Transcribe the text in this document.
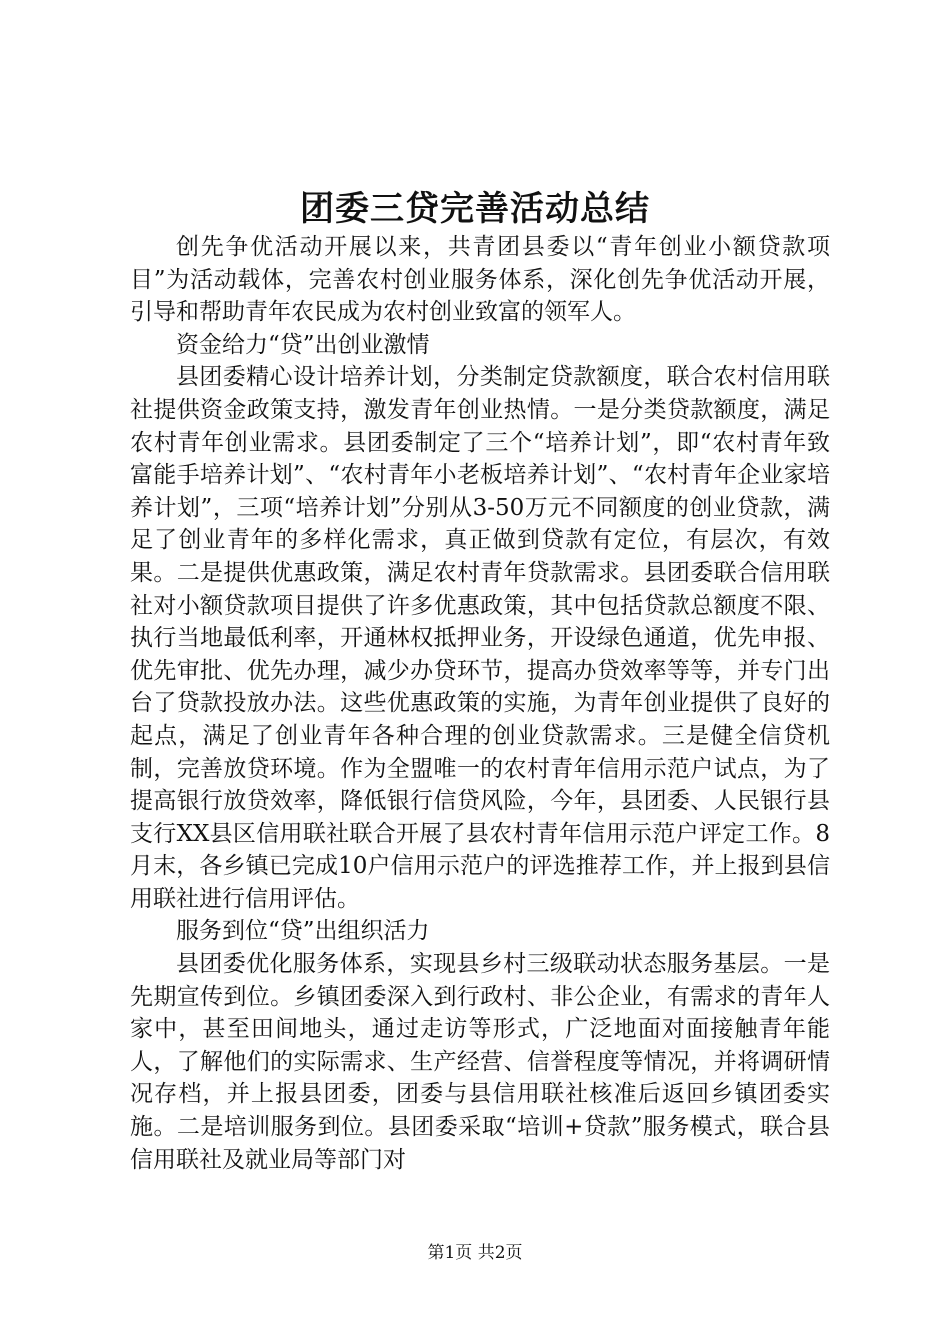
团委三贷完善活动总结

创先争优活动开展以来，共青团县委以“青年创业小额贷款项目”为活动载体，完善农村创业服务体系，深化创先争优活动开展，引导和帮助青年农民成为农村创业致富的领军人。

资金给力“贷”出创业激情

县团委精心设计培养计划，分类制定贷款额度，联合农村信用联社提供资金政策支持，激发青年创业热情。一是分类贷款额度，满足农村青年创业需求。县团委制定了三个“培养计划”，即“农村青年致富能手培养计划”、“农村青年小老板培养计划”、“农村青年企业家培养计划”，三项“培养计划”分别从3-50万元不同额度的创业贷款，满足了创业青年的多样化需求，真正做到贷款有定位，有层次，有效果。二是提供优惠政策，满足农村青年贷款需求。县团委联合信用联社对小额贷款项目提供了许多优惠政策，其中包括贷款总额度不限、执行当地最低利率，开通林权抵押业务，开设绿色通道，优先申报、优先审批、优先办理，减少办贷环节，提高办贷效率等等，并专门出台了贷款投放办法。这些优惠政策的实施，为青年创业提供了良好的起点，满足了创业青年各种合理的创业贷款需求。三是健全信贷机制，完善放贷环境。作为全盟唯一的农村青年信用示范户试点，为了提高银行放贷效率，降低银行信贷风险，今年，县团委、人民银行县支行XX县区信用联社联合开展了县农村青年信用示范户评定工作。8月末，各乡镇已完成10户信用示范户的评选推荐工作，并上报到县信用联社进行信用评估。

服务到位“贷”出组织活力

县团委优化服务体系，实现县乡村三级联动状态服务基层。一是先期宣传到位。乡镇团委深入到行政村、非公企业，有需求的青年人家中，甚至田间地头，通过走访等形式，广泛地面对面接触青年能人，了解他们的实际需求、生产经营、信誉程度等情况，并将调研情况存档，并上报县团委，团委与县信用联社核准后返回乡镇团委实施。二是培训服务到位。县团委采取“培训+贷款”服务模式，联合县信用联社及就业局等部门对

第1页 共2页
